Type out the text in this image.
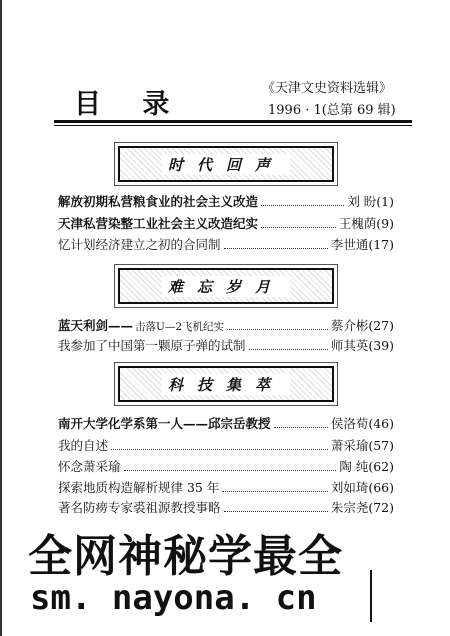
目 录
《天津文史资料选辑》
1996 · 1(总第 69 辑)
时代回声
解放初期私营粮食业的社会主义改造	刘 盼(1)
天津私营染整工业社会主义改造纪实	王槐荫(9)
忆计划经济建立之初的合同制	李世通(17)
难忘岁月
蓝天利剑—— 击落U—2飞机纪实	蔡介彬(27)
我参加了中国第一颗原子弹的试制	师其英(39)
科技集萃
南开大学化学系第一人——邱宗岳教授	侯洛荀(46)
我的自述	萧采瑜(57)
怀念萧采瑜	陶 纯(62)
探索地质构造解析规律 35 年	刘如琦(66)
著名防痨专家裘祖源教授事略	朱宗尧(72)
全网神秘学最全
sm. nayona. cn
